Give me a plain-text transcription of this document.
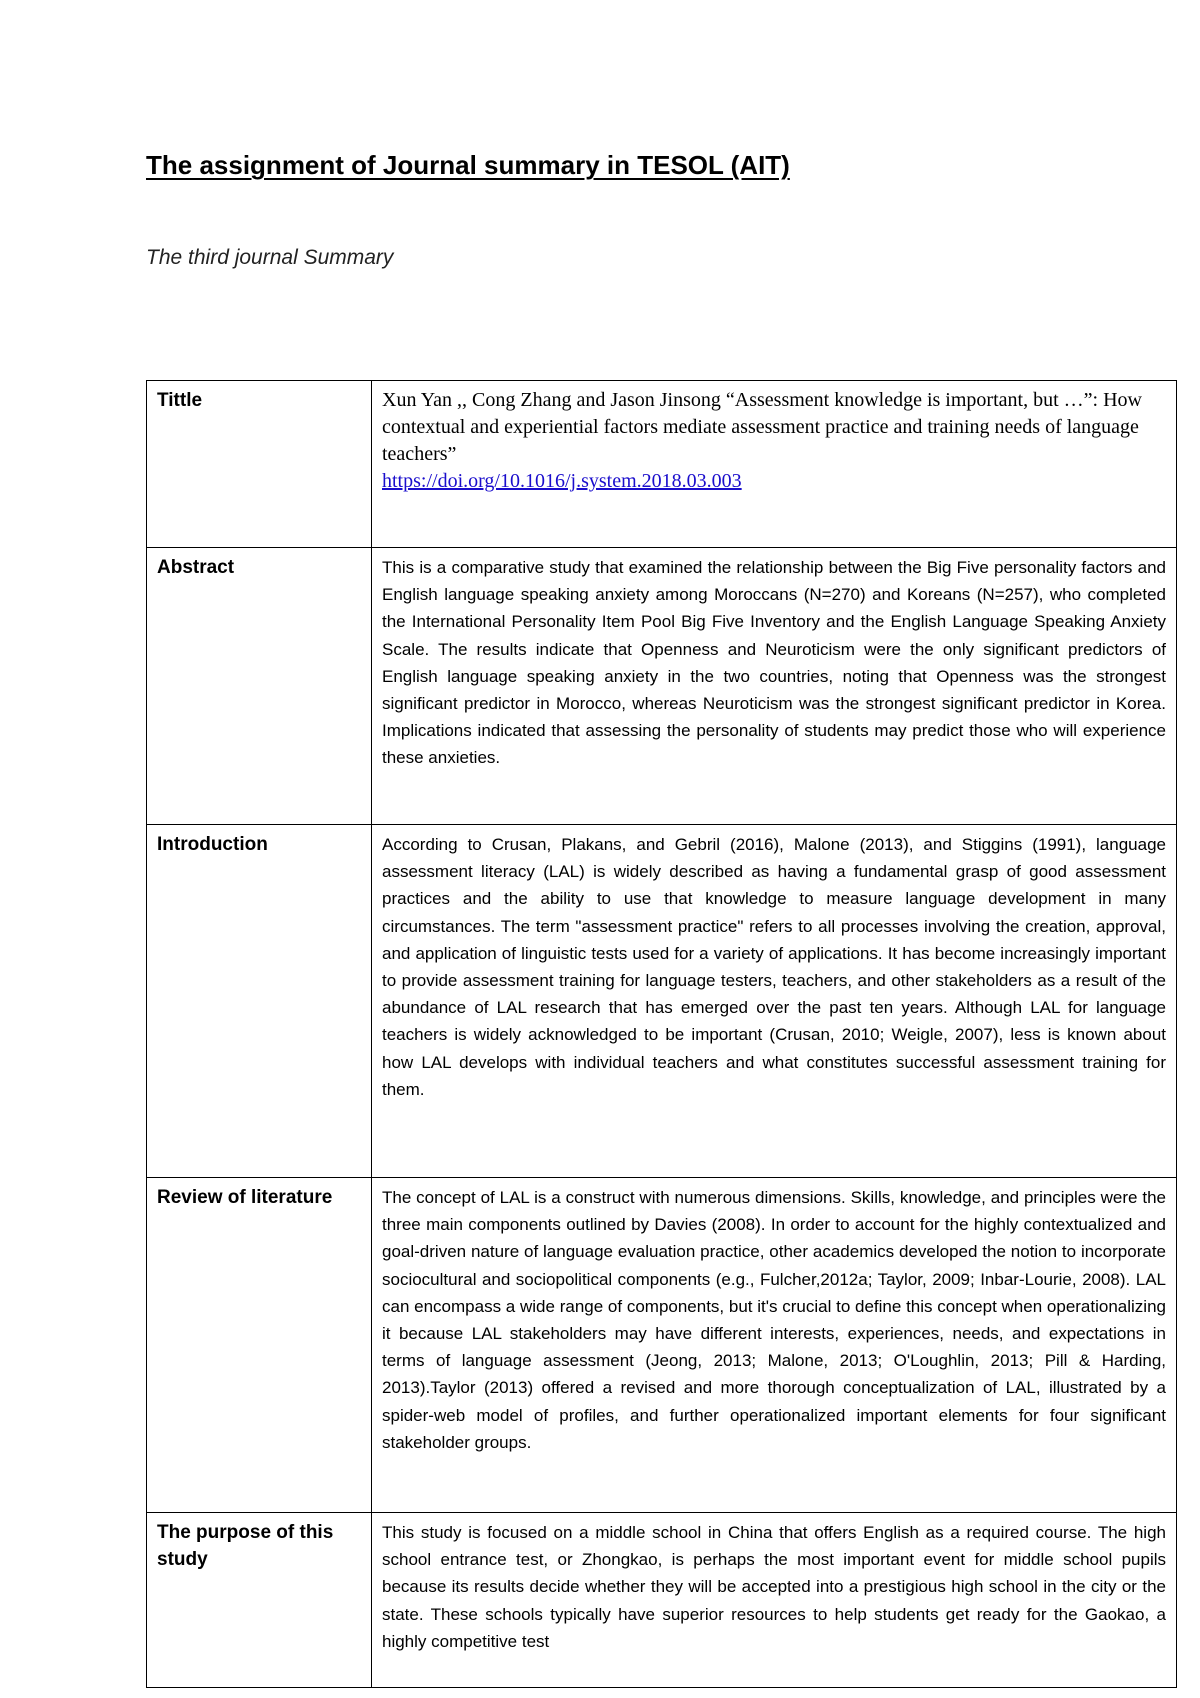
The assignment of Journal summary in TESOL (AIT)

The third journal Summary

Tittle	Xun Yan ,, Cong Zhang and Jason Jinsong “Assessment knowledge is important, but …”: How contextual and experiential factors mediate assessment practice and training needs of language teachers”
https://doi.org/10.1016/j.system.2018.03.003
Abstract	This is a comparative study that examined the relationship between the Big Five personality factors and English language speaking anxiety among Moroccans (N=270) and Koreans (N=257), who completed the International Personality Item Pool Big Five Inventory and the English Language Speaking Anxiety Scale. The results indicate that Openness and Neuroticism were the only significant predictors of English language speaking anxiety in the two countries, noting that Openness was the strongest significant predictor in Morocco, whereas Neuroticism was the strongest significant predictor in Korea. Implications indicated that assessing the personality of students may predict those who will experience these anxieties.
Introduction	According to Crusan, Plakans, and Gebril (2016), Malone (2013), and Stiggins (1991), language assessment literacy (LAL) is widely described as having a fundamental grasp of good assessment practices and the ability to use that knowledge to measure language development in many circumstances. The term "assessment practice" refers to all processes involving the creation, approval, and application of linguistic tests used for a variety of applications. It has become increasingly important to provide assessment training for language testers, teachers, and other stakeholders as a result of the abundance of LAL research that has emerged over the past ten years. Although LAL for language teachers is widely acknowledged to be important (Crusan, 2010; Weigle, 2007), less is known about how LAL develops with individual teachers and what constitutes successful assessment training for them.
Review of literature	The concept of LAL is a construct with numerous dimensions. Skills, knowledge, and principles were the three main components outlined by Davies (2008). In order to account for the highly contextualized and goal-driven nature of language evaluation practice, other academics developed the notion to incorporate sociocultural and sociopolitical components (e.g., Fulcher,2012a; Taylor, 2009; Inbar-Lourie, 2008). LAL can encompass a wide range of components, but it's crucial to define this concept when operationalizing it because LAL stakeholders may have different interests, experiences, needs, and expectations in terms of language assessment (Jeong, 2013; Malone, 2013; O'Loughlin, 2013; Pill & Harding, 2013).Taylor (2013) offered a revised and more thorough conceptualization of LAL, illustrated by a spider-web model of profiles, and further operationalized important elements for four significant stakeholder groups.
The purpose of this study	This study is focused on a middle school in China that offers English as a required course. The high school entrance test, or Zhongkao, is perhaps the most important event for middle school pupils because its results decide whether they will be accepted into a prestigious high school in the city or the state. These schools typically have superior resources to help students get ready for the Gaokao, a highly competitive test
